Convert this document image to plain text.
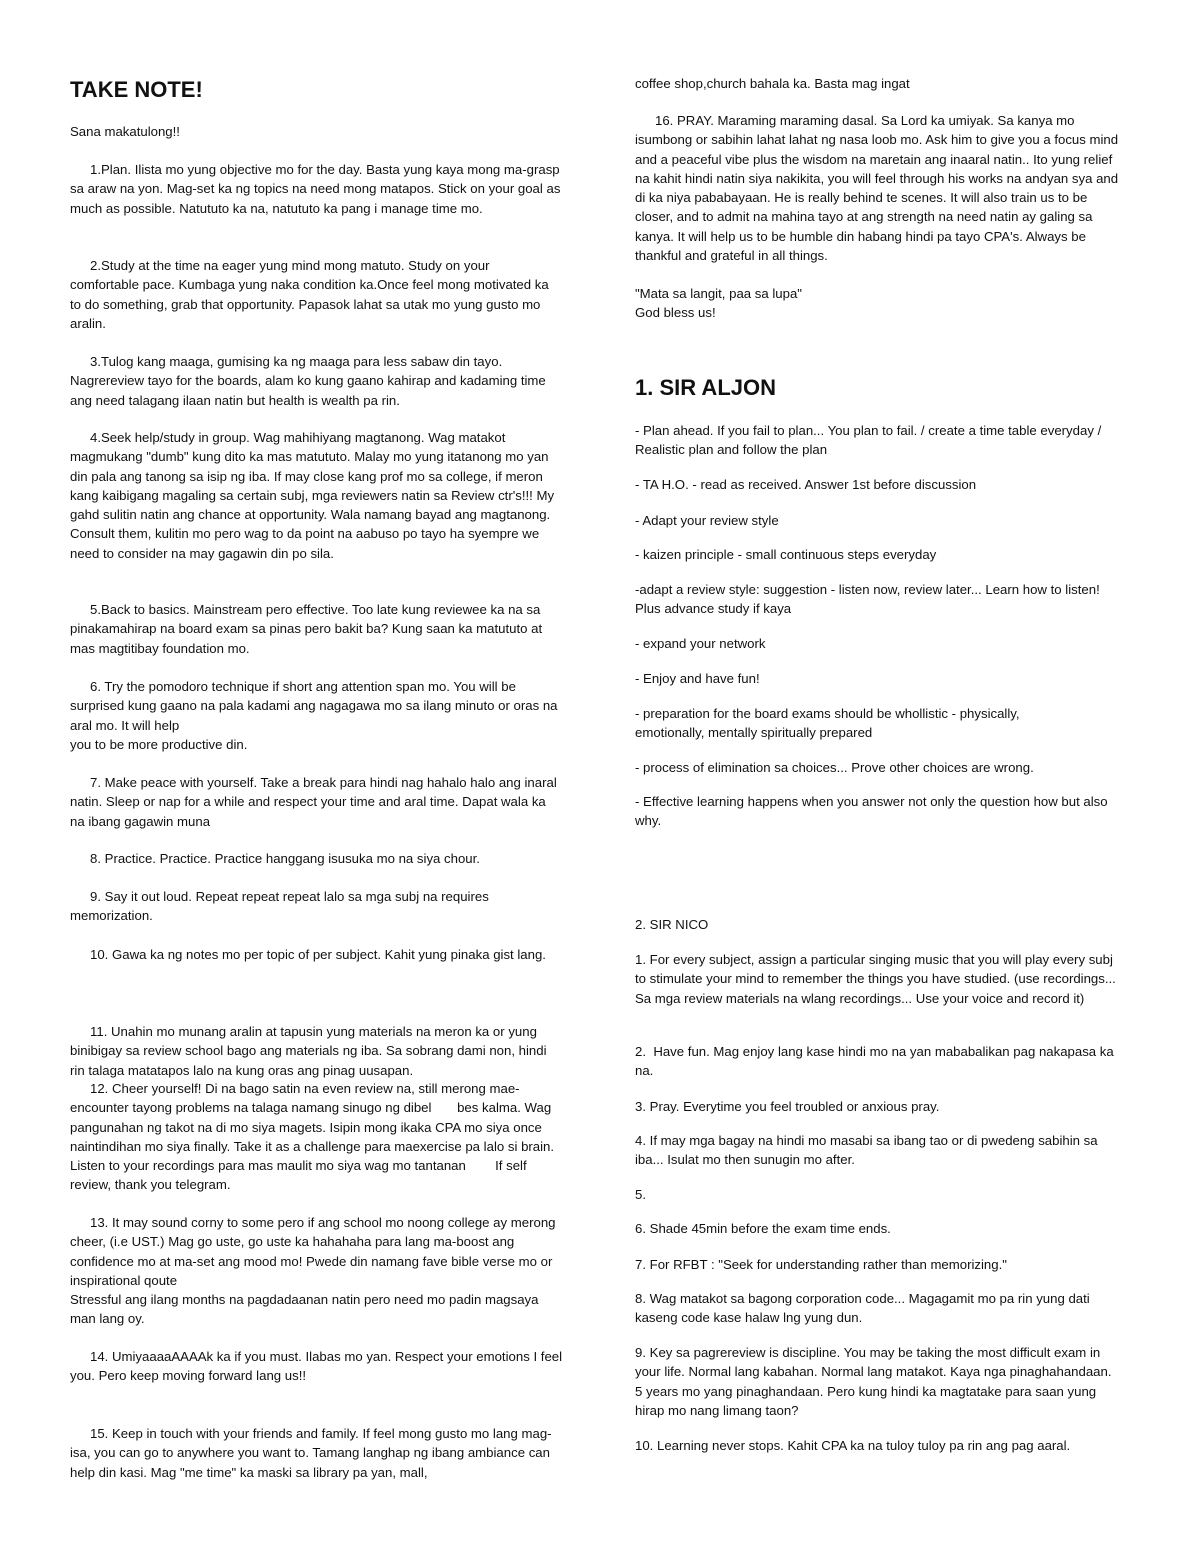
TAKE NOTE!

Sana makatulong!!

1.Plan. Ilista mo yung objective mo for the day. Basta yung kaya mong ma-grasp sa araw na yon. Mag-set ka ng topics na need mong matapos. Stick on your goal as much as possible. Natututo ka na, natututo ka pang i manage time mo.

2.Study at the time na eager yung mind mong matuto. Study on your comfortable pace. Kumbaga yung naka condition ka.Once feel mong motivated ka to do something, grab that opportunity. Papasok lahat sa utak mo yung gusto mo aralin.

3.Tulog kang maaga, gumising ka ng maaga para less sabaw din tayo. Nagrereview tayo for the boards, alam ko kung gaano kahirap and kadaming time ang need talagang ilaan natin but health is wealth pa rin.

4.Seek help/study in group. Wag mahihiyang magtanong. Wag matakot magmukang "dumb" kung dito ka mas matututo. Malay mo yung itatanong mo yan din pala ang tanong sa isip ng iba. If may close kang prof mo sa college, if meron kang kaibigang magaling sa certain subj, mga reviewers natin sa Review ctr's!!! My gahd sulitin natin ang chance at opportunity. Wala namang bayad ang magtanong. Consult them, kulitin mo pero wag to da point na aabuso po tayo ha syempre we need to consider na may gagawin din po sila.

5.Back to basics. Mainstream pero effective. Too late kung reviewee ka na sa pinakamahirap na board exam sa pinas pero bakit ba? Kung saan ka matututo at mas magtitibay foundation mo.

6. Try the pomodoro technique if short ang attention span mo. You will be surprised kung gaano na pala kadami ang nagagawa mo sa ilang minuto or oras na aral mo. It will help
you to be more productive din.

7. Make peace with yourself. Take a break para hindi nag hahalo halo ang inaral natin. Sleep or nap for a while and respect your time and aral time. Dapat wala ka na ibang gagawin muna

8. Practice. Practice. Practice hanggang isusuka mo na siya chour.

9. Say it out loud. Repeat repeat repeat lalo sa mga subj na requires memorization.

10. Gawa ka ng notes mo per topic of per subject. Kahit yung pinaka gist lang.

11. Unahin mo munang aralin at tapusin yung materials na meron ka or yung binibigay sa review school bago ang materials ng iba. Sa sobrang dami non, hindi rin talaga matatapos lalo na kung oras ang pinag uusapan.

12. Cheer yourself! Di na bago satin na even review na, still merong mae-encounter tayong problems na talaga namang sinugo ng dibel       bes kalma. Wag pangunahan ng takot na di mo siya magets. Isipin mong ikaka CPA mo siya once naintindihan mo siya finally. Take it as a challenge para maexercise pa lalo si brain. Listen to your recordings para mas maulit mo siya wag mo tantanan        If self review, thank you telegram.

13. It may sound corny to some pero if ang school mo noong college ay merong cheer, (i.e UST.) Mag go uste, go uste ka hahahaha para lang ma-boost ang confidence mo at ma-set ang mood mo! Pwede din namang fave bible verse mo or inspirational qoute
Stressful ang ilang months na pagdadaanan natin pero need mo padin magsaya man lang oy.

14. UmiyaaaaAAAAk ka if you must. Ilabas mo yan. Respect your emotions I feel you. Pero keep moving forward lang us!!

15. Keep in touch with your friends and family. If feel mong gusto mo lang mag-isa, you can go to anywhere you want to. Tamang langhap ng ibang ambiance can help din kasi. Mag "me time" ka maski sa library pa yan, mall,

coffee shop,church bahala ka. Basta mag ingat

16. PRAY. Maraming maraming dasal. Sa Lord ka umiyak. Sa kanya mo isumbong or sabihin lahat lahat ng nasa loob mo. Ask him to give you a focus mind and a peaceful vibe plus the wisdom na maretain ang inaaral natin.. Ito yung relief na kahit hindi natin siya nakikita, you will feel through his works na andyan sya and di ka niya pababayaan. He is really behind te scenes. It will also train us to be closer, and to admit na mahina tayo at ang strength na need natin ay galing sa kanya. It will help us to be humble din habang hindi pa tayo CPA's. Always be thankful and grateful in all things.

"Mata sa langit, paa sa lupa"

God bless us!

1. SIR ALJON

- Plan ahead. If you fail to plan... You plan to fail. / create a time table everyday / Realistic plan and follow the plan

- TA H.O. - read as received. Answer 1st before discussion

- Adapt your review style

- kaizen principle - small continuous steps everyday

-adapt a review style: suggestion - listen now, review later... Learn how to listen! Plus advance study if kaya

- expand your network

- Enjoy and have fun!

- preparation for the board exams should be whollistic - physically, emotionally, mentally spiritually prepared

- process of elimination sa choices... Prove other choices are wrong.

- Effective learning happens when you answer not only the question how but also why.

2. SIR NICO

1. For every subject, assign a particular singing music that you will play every subj to stimulate your mind to remember the things you have studied. (use recordings... Sa mga review materials na wlang recordings... Use your voice and record it)

2.  Have fun. Mag enjoy lang kase hindi mo na yan mababalikan pag nakapasa ka na.

3. Pray. Everytime you feel troubled or anxious pray.

4. If may mga bagay na hindi mo masabi sa ibang tao or di pwedeng sabihin sa iba... Isulat mo then sunugin mo after.

5.

6. Shade 45min before the exam time ends.

7. For RFBT : "Seek for understanding rather than memorizing."

8. Wag matakot sa bagong corporation code... Magagamit mo pa rin yung dati kaseng code kase halaw lng yung dun.

9. Key sa pagrereview is discipline. You may be taking the most difficult exam in your life. Normal lang kabahan. Normal lang matakot. Kaya nga pinaghahandaan. 5 years mo yang pinaghandaan. Pero kung hindi ka magtatake para saan yung hirap mo nang limang taon?

10. Learning never stops. Kahit CPA ka na tuloy tuloy pa rin ang pag aaral.
